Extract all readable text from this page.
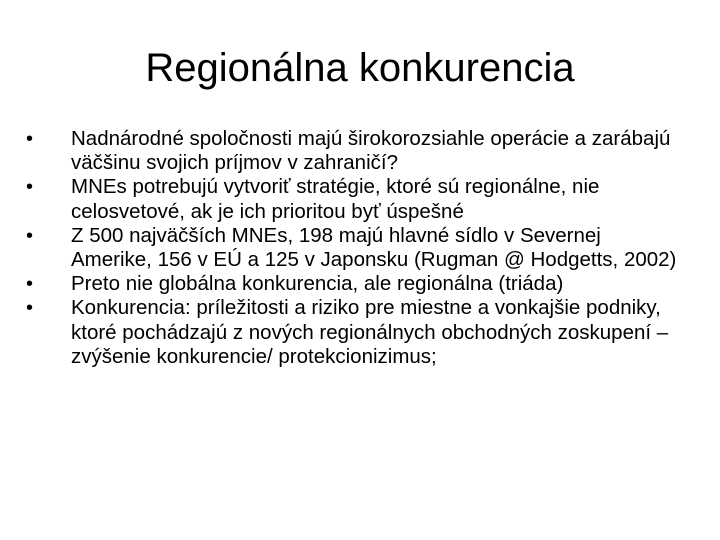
Regionálna konkurencia
•	Nadnárodné spoločnosti majú širokorozsiahle operácie a zarábajú väčšinu svojich príjmov v zahraničí?
•	MNEs potrebujú vytvoriť stratégie, ktoré sú regionálne, nie celosvetové, ak je ich prioritou byť úspešné
•	Z 500 najväčších MNEs, 198 majú hlavné sídlo v Severnej Amerike, 156 v EÚ a 125 v Japonsku (Rugman @ Hodgetts, 2002)
•	Preto nie globálna konkurencia, ale regionálna (triáda)
•	Konkurencia: príležitosti a riziko pre miestne a vonkajšie podniky, ktoré pochádzajú z nových regionálnych obchodných zoskupení – zvýšenie konkurencie/ protekcionizimus;
